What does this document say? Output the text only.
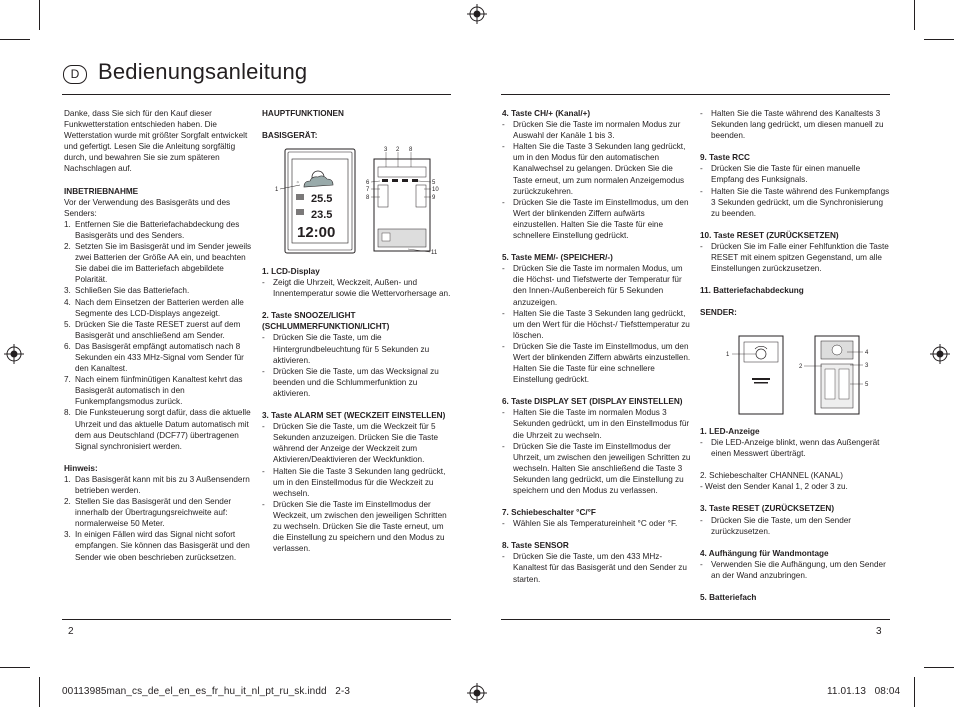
D Bedienungsanleitung

Danke, dass Sie sich für den Kauf dieser Funkwetterstation entschieden haben. Die Wetterstation wurde mit größter Sorgfalt entwickelt und gefertigt. Lesen Sie die Anleitung sorgfältig durch, und bewahren Sie sie zum späteren Nachschlagen auf.

INBETRIEBNAHME

Vor der Verwendung des Basisgeräts und des Senders:

1. Entfernen Sie die Batteriefachabdeckung des Basisgeräts und des Senders.
2. Setzten Sie im Basisgerät und im Sender jeweils zwei Batterien der Größe AA ein, und beachten Sie dabei die im Batteriefach abgebildete Polarität.
3. Schließen Sie das Batteriefach.
4. Nach dem Einsetzen der Batterien werden alle Segmente des LCD-Displays angezeigt.
5. Drücken Sie die Taste RESET zuerst auf dem Basisgerät und anschließend am Sender.
6. Das Basisgerät empfängt automatisch nach 8 Sekunden ein 433 MHz-Signal vom Sender für den Kanaltest.
7. Nach einem fünfminütigen Kanaltest kehrt das Basisgerät automatisch in den Funkempfangsmodus zurück.
8. Die Funksteuerung sorgt dafür, dass die aktuelle Uhrzeit und das aktuelle Datum automatisch mit dem aus Deutschland (DCF77) übertragenen Signal synchronisiert werden.

Hinweis:

1. Das Basisgerät kann mit bis zu 3 Außensendern betrieben werden.
2. Stellen Sie das Basisgerät und den Sender innerhalb der Übertragungsreichweite auf: normalerweise 50 Meter.
3. In einigen Fällen wird das Signal nicht sofort empfangen. Sie können das Basisgerät und den Sender wie oben beschrieben zurücksetzen.

HAUPTFUNKTIONEN

BASISGERÄT:

☼
25.5
23.5
12:00
1
3 2 8
6
7
8
5
10
9
11

1. LCD-Display

-	Zeigt die Uhrzeit, Weckzeit, Außen- und Innentemperatur sowie die Wettervorhersage an.

2. Taste SNOOZE/LIGHT (SCHLUMMERFUNKTION/LICHT)

-	Drücken Sie die Taste, um die Hintergrundbeleuchtung für 5 Sekunden zu aktivieren.
-	Drücken Sie die Taste, um das Wecksignal zu beenden und die Schlummerfunktion zu aktivieren.

3. Taste ALARM SET (WECKZEIT EINSTELLEN)

-	Drücken Sie die Taste, um die Weckzeit für 5 Sekunden anzuzeigen. Drücken Sie die Taste während der Anzeige der Weckzeit zum Aktivieren/Deaktivieren der Weckfunktion.
-	Halten Sie die Taste 3 Sekunden lang gedrückt, um in den Einstellmodus für die Weckzeit zu wechseln.
-	Drücken Sie die Taste im Einstellmodus der Weckzeit, um zwischen den jeweiligen Schritten zu wechseln. Drücken Sie die Taste erneut, um die Einstellung zu speichern und den Modus zu verlassen.

4. Taste CH/+ (Kanal/+)

-	Drücken Sie die Taste im normalen Modus zur Auswahl der Kanäle 1 bis 3.
-	Halten Sie die Taste 3 Sekunden lang gedrückt, um in den Modus für den automatischen Kanalwechsel zu gelangen. Drücken Sie die Taste erneut, um zum normalen Anzeigemodus zurückzukehren.
-	Drücken Sie die Taste im Einstellmodus, um den Wert der blinkenden Ziffern aufwärts einzustellen. Halten Sie die Taste für eine schnellere Einstellung gedrückt.

5. Taste MEM/- (SPEICHER/-)

-	Drücken Sie die Taste im normalen Modus, um die Höchst- und Tiefstwerte der Temperatur für den Innen-/Außenbereich für 5 Sekunden anzuzeigen.
-	Halten Sie die Taste 3 Sekunden lang gedrückt, um den Wert für die Höchst-/ Tiefsttemperatur zu löschen.
-	Drücken Sie die Taste im Einstellmodus, um den Wert der blinkenden Ziffern abwärts einzustellen. Halten Sie die Taste für eine schnellere Einstellung gedrückt.

6. Taste DISPLAY SET (DISPLAY EINSTELLEN)

-	Halten Sie die Taste im normalen Modus 3 Sekunden gedrückt, um in den Einstellmodus für die Uhrzeit zu wechseln.
-	Drücken Sie die Taste im Einstellmodus der Uhrzeit, um zwischen den jeweiligen Schritten zu wechseln. Halten Sie anschließend die Taste 3 Sekunden lang gedrückt, um die Einstellung zu speichern und den Modus zu verlassen.

7. Schiebeschalter °C/°F

-	Wählen Sie als Temperatureinheit °C oder °F.

8. Taste SENSOR

-	Drücken Sie die Taste, um den 433 MHz-Kanaltest für das Basisgerät und den Sender zu starten.
-	Halten Sie die Taste während des Kanaltests 3 Sekunden lang gedrückt, um diesen manuell zu beenden.

9. Taste RCC

-	Drücken Sie die Taste für einen manuelle Empfang des Funksignals.
-	Halten Sie die Taste während des Funkempfangs 3 Sekunden gedrückt, um die Synchronisierung zu beenden.

10. Taste RESET (ZURÜCKSETZEN)

-	Drücken Sie im Falle einer Fehlfunktion die Taste RESET mit einem spitzen Gegenstand, um alle Einstellungen zurückzusetzen.

11. Batteriefachabdeckung

SENDER:

1
2
4
3
5

1. LED-Anzeige

-	Die LED-Anzeige blinkt, wenn das Außengerät einen Messwert überträgt.

2. Schiebeschalter CHANNEL (KANAL)

- Weist den Sender Kanal 1, 2 oder 3 zu.

3. Taste RESET (ZURÜCKSETZEN)

-	Drücken Sie die Taste, um den Sender zurückzusetzen.

4. Aufhängung für Wandmontage

-	Verwenden Sie die Aufhängung, um den Sender an der Wand anzubringen.

5. Batteriefach

2	3
00113985man_cs_de_el_en_es_fr_hu_it_nl_pt_ru_sk.indd   2-3	11.01.13   08:04
